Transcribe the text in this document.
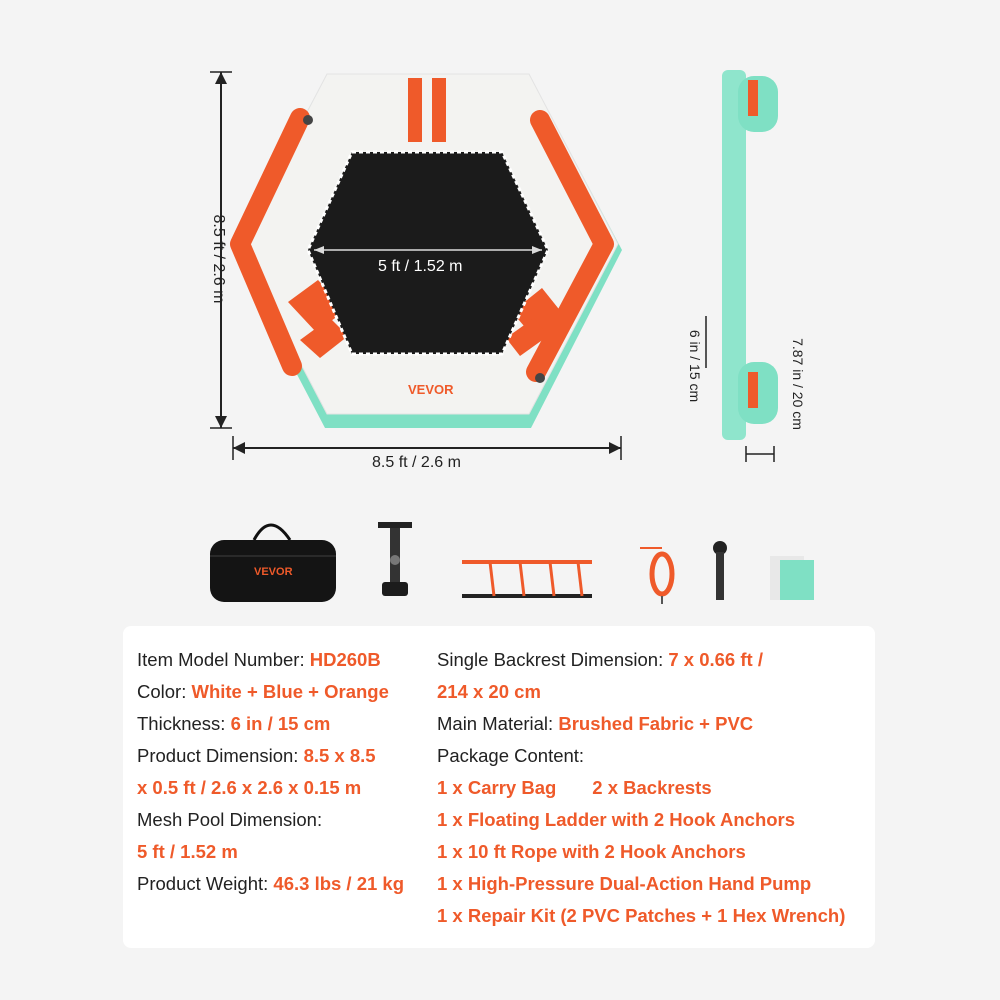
8.5 ft / 2.6 m
8.5 ft / 2.6 m
5 ft / 1.52 m
VEVOR	6 in / 15 cm	7.87 in / 20 cm
VEVOR
Item Model Number: HD260B
Color: White + Blue + Orange
Thickness: 6 in / 15 cm
Product Dimension: 8.5 x 8.5
x 0.5 ft / 2.6 x 2.6 x 0.15 m
Mesh Pool Dimension:
5 ft / 1.52 m
Product Weight: 46.3 lbs / 21 kg
Single Backrest Dimension: 7 x 0.66 ft /
214 x 20 cm
Main Material: Brushed Fabric + PVC
Package Content:
1 x Carry Bag 2 x Backrests
1 x Floating Ladder with 2 Hook Anchors
1 x 10 ft Rope with 2 Hook Anchors
1 x High-Pressure Dual-Action Hand Pump
1 x Repair Kit (2 PVC Patches + 1 Hex Wrench)
